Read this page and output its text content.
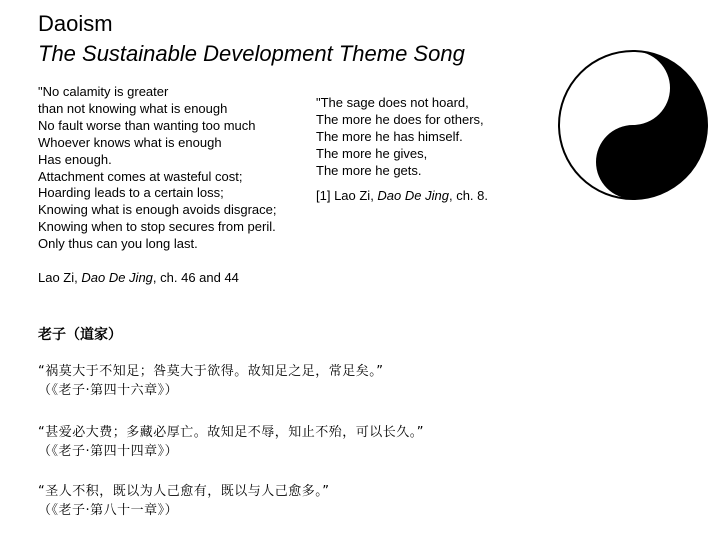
Daoism
The Sustainable Development Theme Song
"No calamity is greater
than not knowing what is enough
No fault worse than wanting too much
Whoever knows what is enough
Has enough.
Attachment comes at wasteful cost;
Hoarding leads to a certain loss;
Knowing what is enough avoids disgrace;
Knowing when to stop secures from peril.
Only thus can you long last.
Lao Zi, Dao De Jing, ch. 46 and 44
"The sage does not hoard,
The more he does for others,
The more he has himself.
The more he gives,
The more he gets.
[1] Lao Zi, Dao De Jing, ch. 8.
老子（道家）
“祸莫大于不知足；咎莫大于欲得。故知足之足，常足矣。”
（《老子·第四十六章》）
“甚爱必大费；多藏必厚亡。故知足不辱，知止不殆，可以长久。”
（《老子·第四十四章》）
“圣人不积，既以为人己愈有，既以与人己愈多。”
（《老子·第八十一章》）
